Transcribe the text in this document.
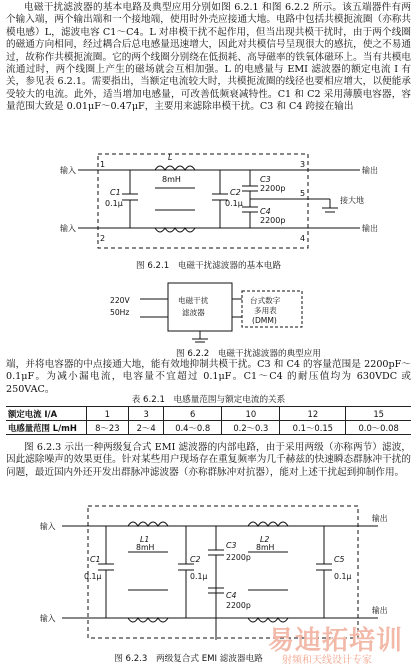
电磁干扰滤波器的基本电路及典型应用分别如图 6.2.1 和图 6.2.2 所示。该五端器件有两个输入端，两个输出端和一个接地端，使用时外壳应接通大地。电路中包括共模扼流圈（亦称共模电感）L，滤波电容 C1～C4。L 对串模干扰不起作用，但当出现共模干扰时，由于两个线圈的磁通方向相同，经过耦合后总电感量迅速增大，因此对共模信号呈现很大的感抗，使之不易通过，故称作共模扼流圈。它的两个线圈分别绕在低损耗、高导磁率的铁氧体磁环上。当有共模电流通过时，两个线圈上产生的磁场就会互相加强。L 的电感量与 EMI 滤波器的额定电流 I 有关，参见表 6.2.1。需要指出，当额定电流较大时，共模扼流圈的线径也要相应增大，以便能承受较大的电流。此外，适当增加电感量，可改善低频衰减特性。C1 和 C2 采用薄膜电容器，容量范围大致是 0.01μF～0.47μF，主要用来滤除串模干扰。C3 和 C4 跨接在输出

输入
输入
输出
输出
接大地
1
2
3
4
5
L
8mH
C1
0.1μ
C2
0.1μ
C3
2200p
C4
2200p
图 6.2.1　电磁干扰滤波器的基本电路
220V
50Hz
电磁干扰
滤波器
台式数字
多用表
(DMM)
图 6.2.2　电磁干扰滤波器的典型应用

端，并将电容器的中点接通大地，能有效地抑制共模干扰。C3 和 C4 的容量范围是 2200pF～0.1μF。为减小漏电流，电容量不宜超过 0.1μF。C1～C4 的耐压值均为 630VDC 或 250VAC。

表 6.2.1　电感量范围与额定电流的关系
额定电流 I/A	1	3	6	10	12	15
电感量范围 L/mH	8～23	2～4	0.4～0.8	0.2～0.3	0.1～0.15	0.0～0.08

图 6.2.3 示出一种两级复合式 EMI 滤波器的内部电路，由于采用两级（亦称两节）滤波，因此滤除噪声的效果更佳。针对某些用户现场存在重复频率为几千赫兹的快速瞬态群脉冲干扰的问题，最近国内外还开发出群脉冲滤波器（亦称群脉冲对抗器），能对上述干扰起到抑制作用。

输入
输入
输出
输出
L1
8mH
L2
8mH
C1
0.1μ
C2
0.1μ
C3
2200p
C4
2200p
C5
0.1μ
图 6.2.3　两级复合式 EMI 滤波器电路
易迪拓培训
射频和天线设计专家
